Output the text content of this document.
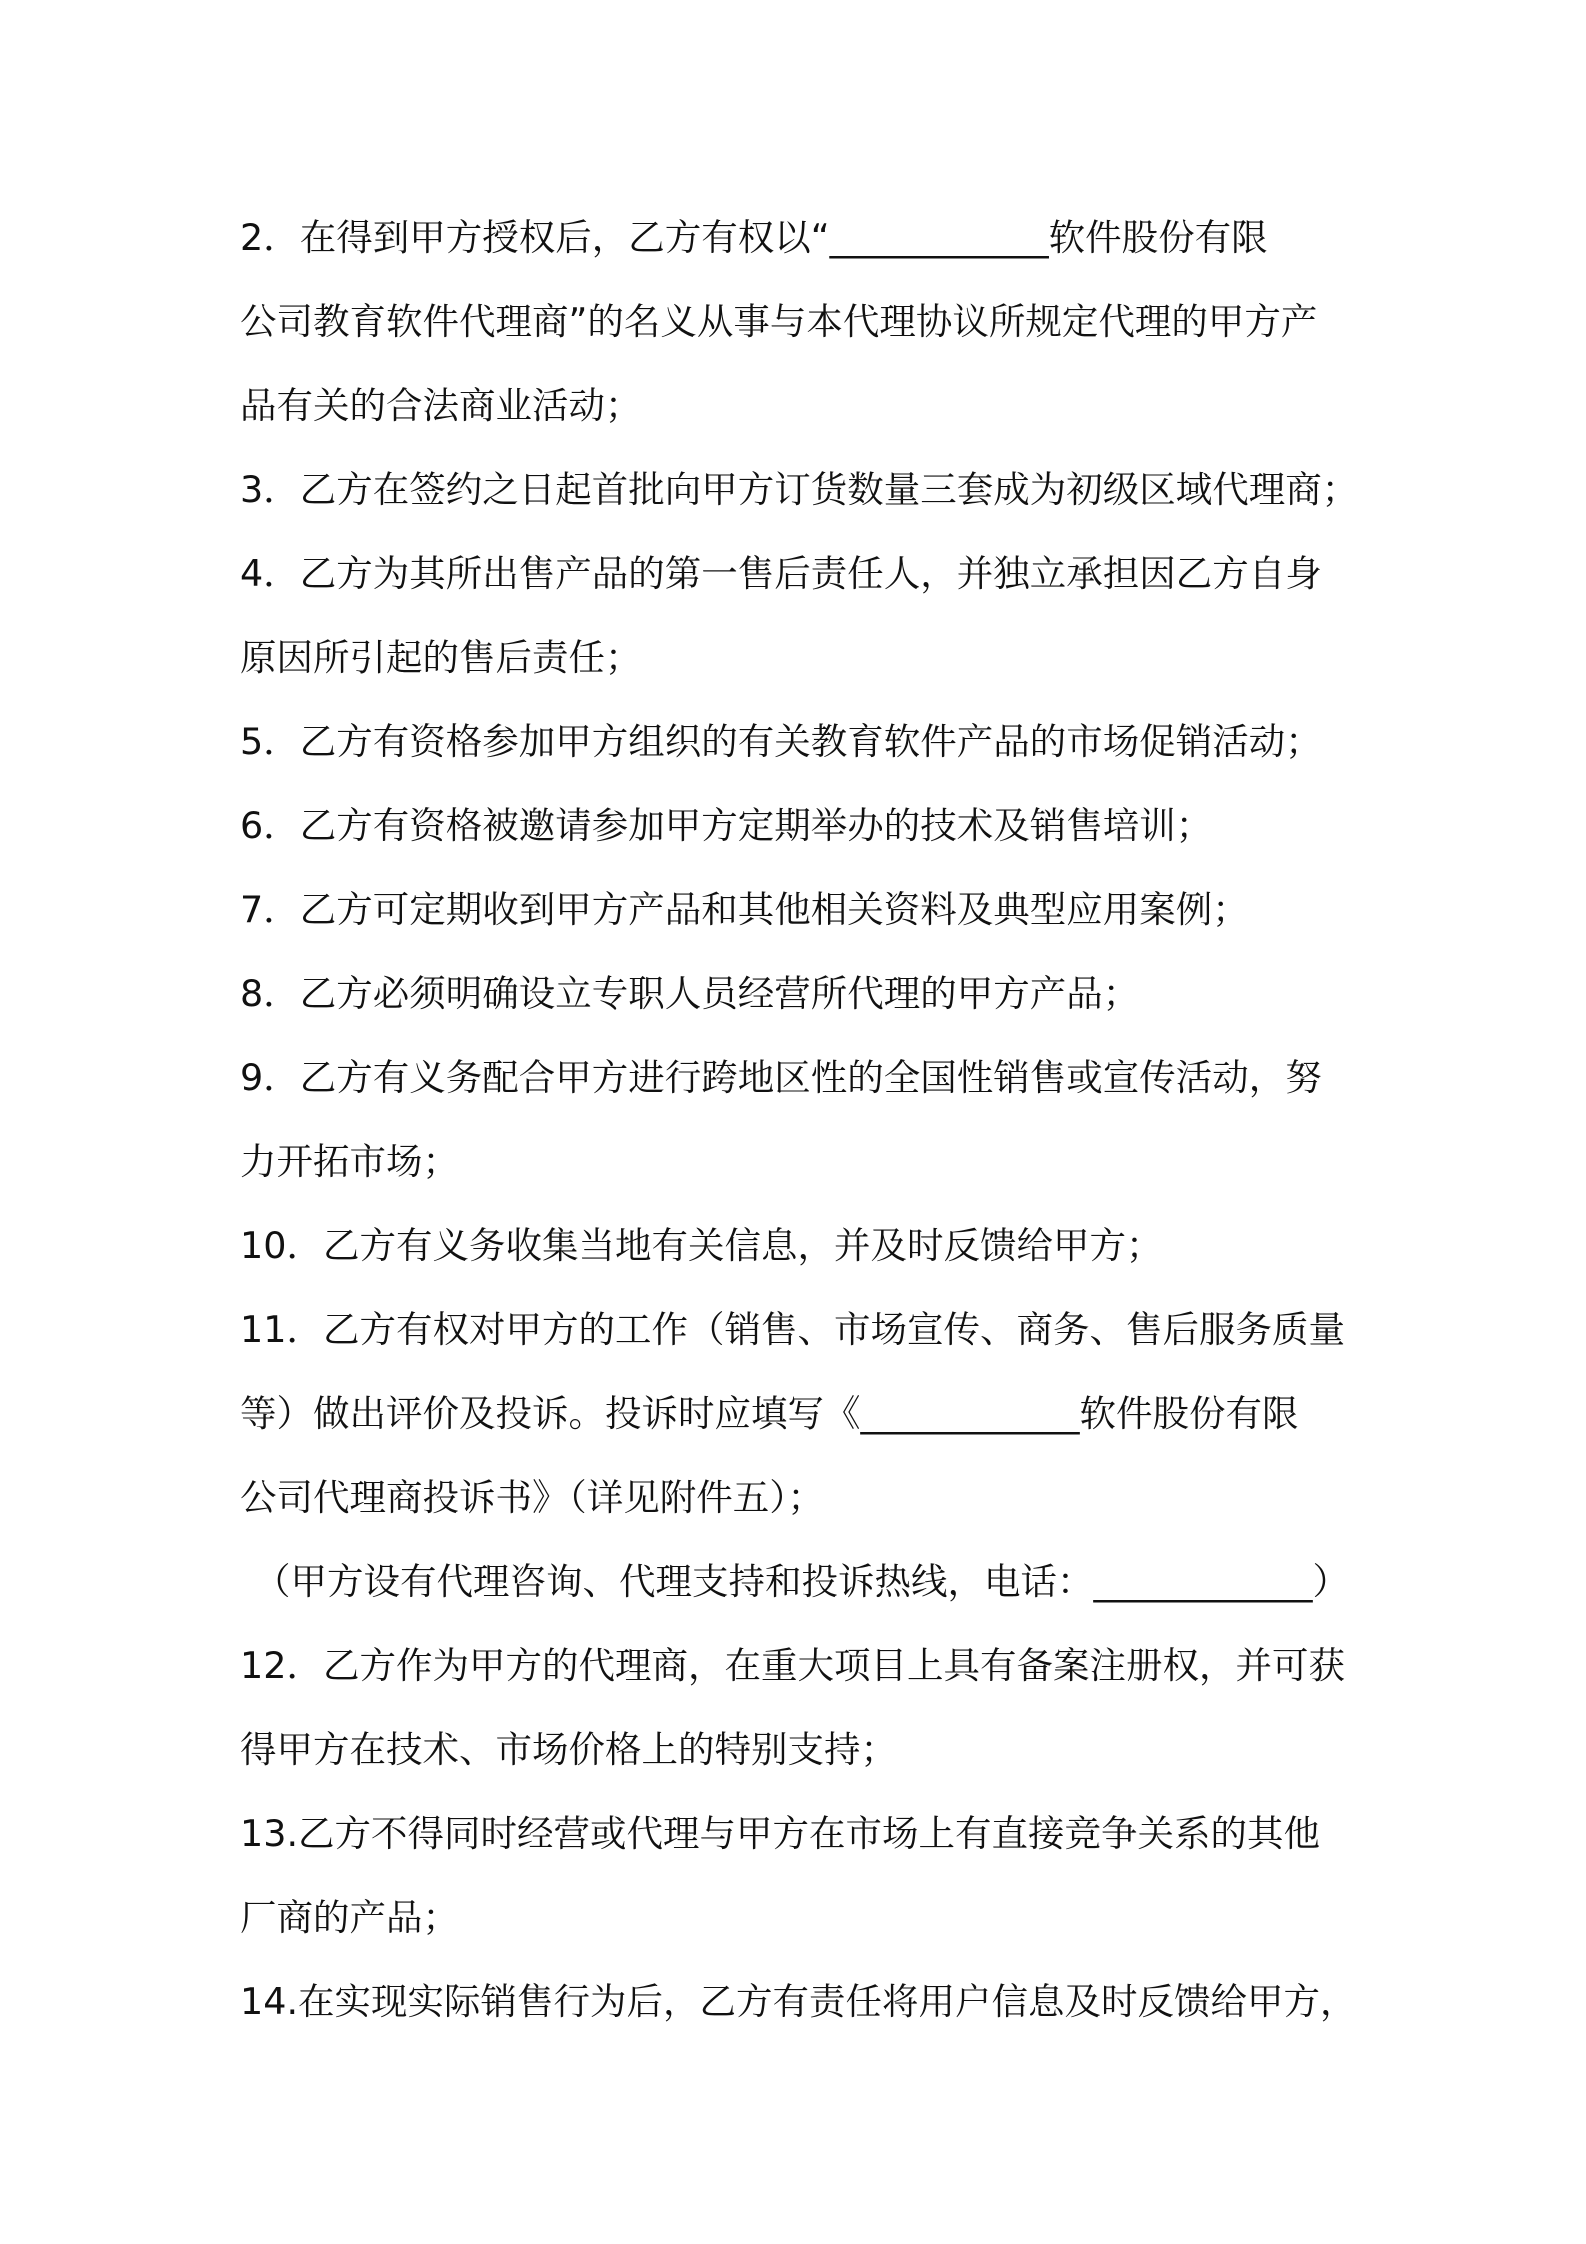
2．在得到甲方授权后，乙方有权以“____________软件股份有限
公司教育软件代理商”的名义从事与本代理协议所规定代理的甲方产
品有关的合法商业活动；
3．乙方在签约之日起首批向甲方订货数量三套成为初级区域代理商；
4．乙方为其所出售产品的第一售后责任人，并独立承担因乙方自身
原因所引起的售后责任；
5．乙方有资格参加甲方组织的有关教育软件产品的市场促销活动；
6．乙方有资格被邀请参加甲方定期举办的技术及销售培训；
7．乙方可定期收到甲方产品和其他相关资料及典型应用案例；
8．乙方必须明确设立专职人员经营所代理的甲方产品；
9．乙方有义务配合甲方进行跨地区性的全国性销售或宣传活动，努
力开拓市场；
10．乙方有义务收集当地有关信息，并及时反馈给甲方；
11．乙方有权对甲方的工作（销售、市场宣传、商务、售后服务质量
等）做出评价及投诉。投诉时应填写《____________软件股份有限
公司代理商投诉书》（详见附件五）；
（甲方设有代理咨询、代理支持和投诉热线，电话：____________）
12．乙方作为甲方的代理商，在重大项目上具有备案注册权，并可获
得甲方在技术、市场价格上的特别支持；
13.乙方不得同时经营或代理与甲方在市场上有直接竞争关系的其他
厂商的产品；
14.在实现实际销售行为后，乙方有责任将用户信息及时反馈给甲方，
